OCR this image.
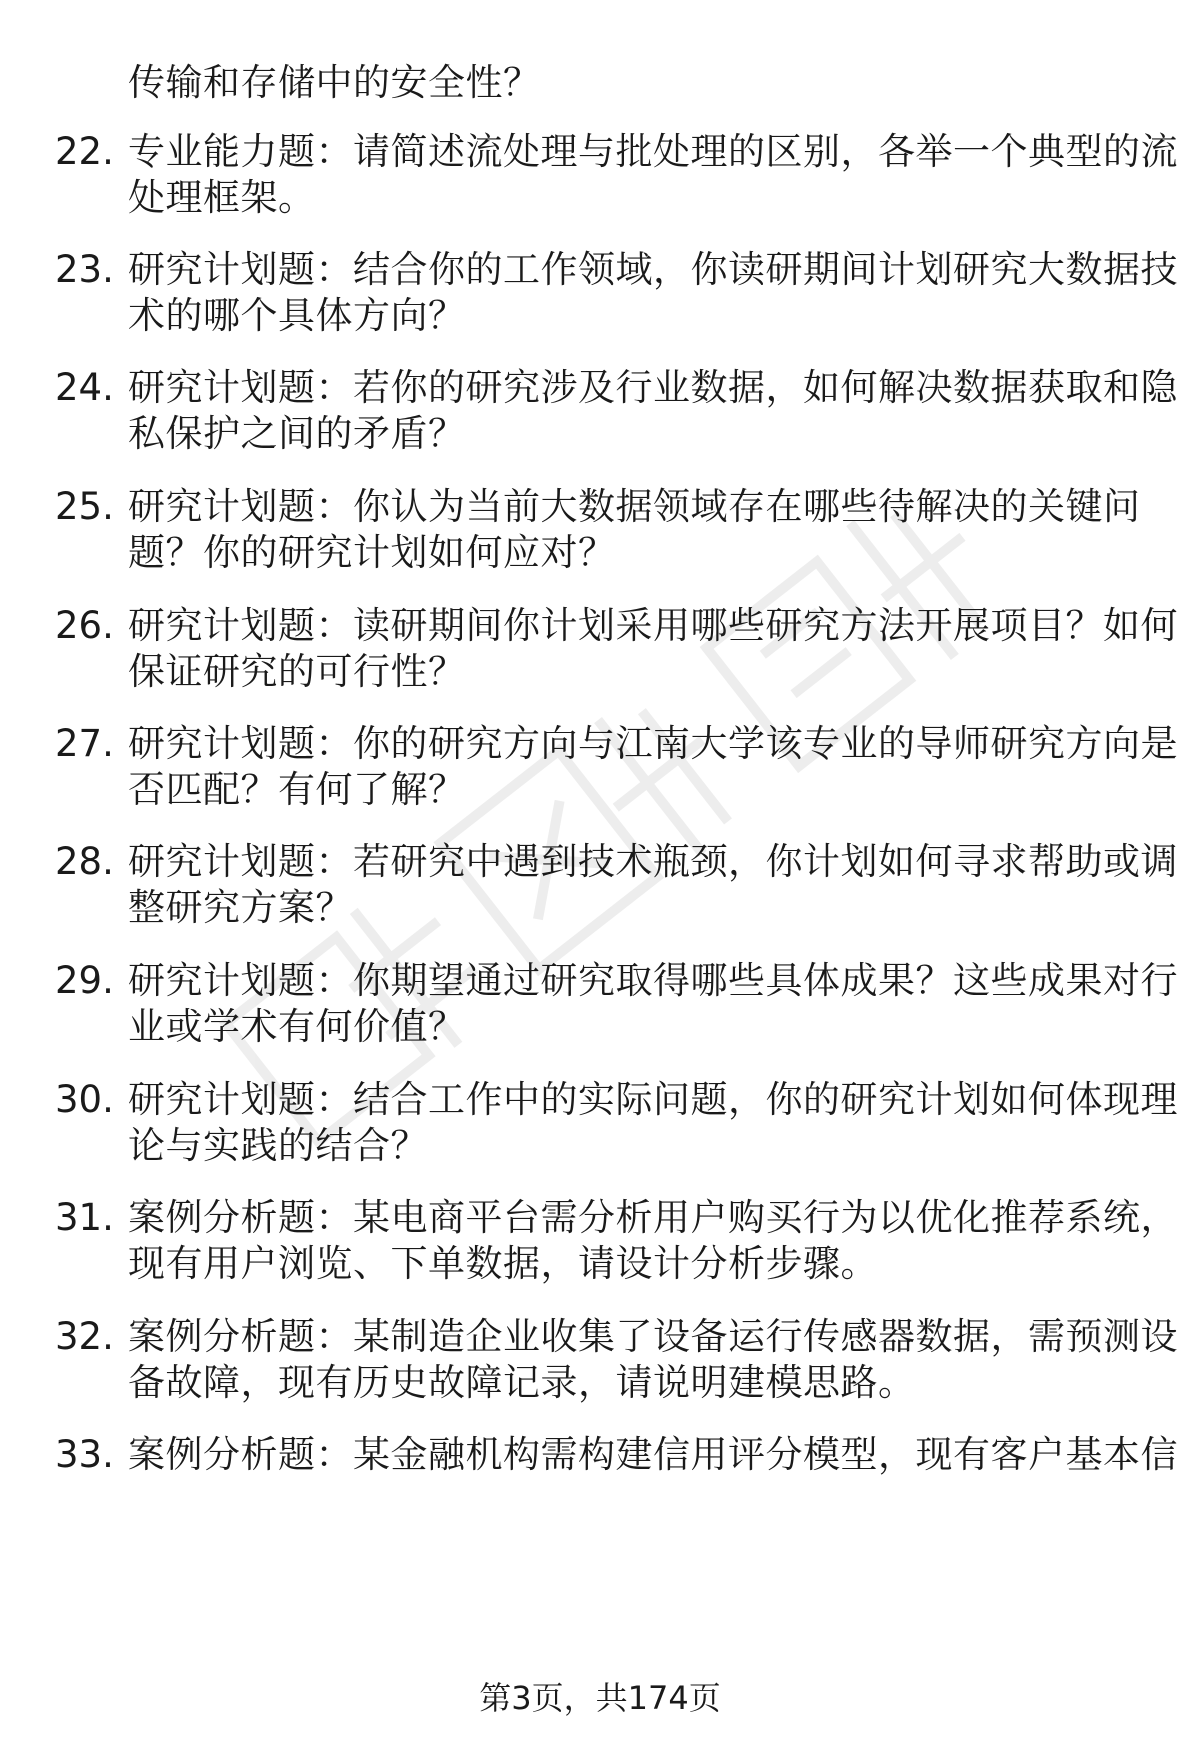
传输和存储中的安全性？
22. 专业能力题：请简述流处理与批处理的区别，各举一个典型的流
处理框架。
23. 研究计划题：结合你的工作领域，你读研期间计划研究大数据技
术的哪个具体方向？
24. 研究计划题：若你的研究涉及行业数据，如何解决数据获取和隐
私保护之间的矛盾？
25. 研究计划题：你认为当前大数据领域存在哪些待解决的关键问
题？你的研究计划如何应对？
26. 研究计划题：读研期间你计划采用哪些研究方法开展项目？如何
保证研究的可行性？
27. 研究计划题：你的研究方向与江南大学该专业的导师研究方向是
否匹配？有何了解？
28. 研究计划题：若研究中遇到技术瓶颈，你计划如何寻求帮助或调
整研究方案？
29. 研究计划题：你期望通过研究取得哪些具体成果？这些成果对行
业或学术有何价值？
30. 研究计划题：结合工作中的实际问题，你的研究计划如何体现理
论与实践的结合？
31. 案例分析题：某电商平台需分析用户购买行为以优化推荐系统，
现有用户浏览、下单数据，请设计分析步骤。
32. 案例分析题：某制造企业收集了设备运行传感器数据，需预测设
备故障，现有历史故障记录，请说明建模思路。
33. 案例分析题：某金融机构需构建信用评分模型，现有客户基本信
第3页，共174页
